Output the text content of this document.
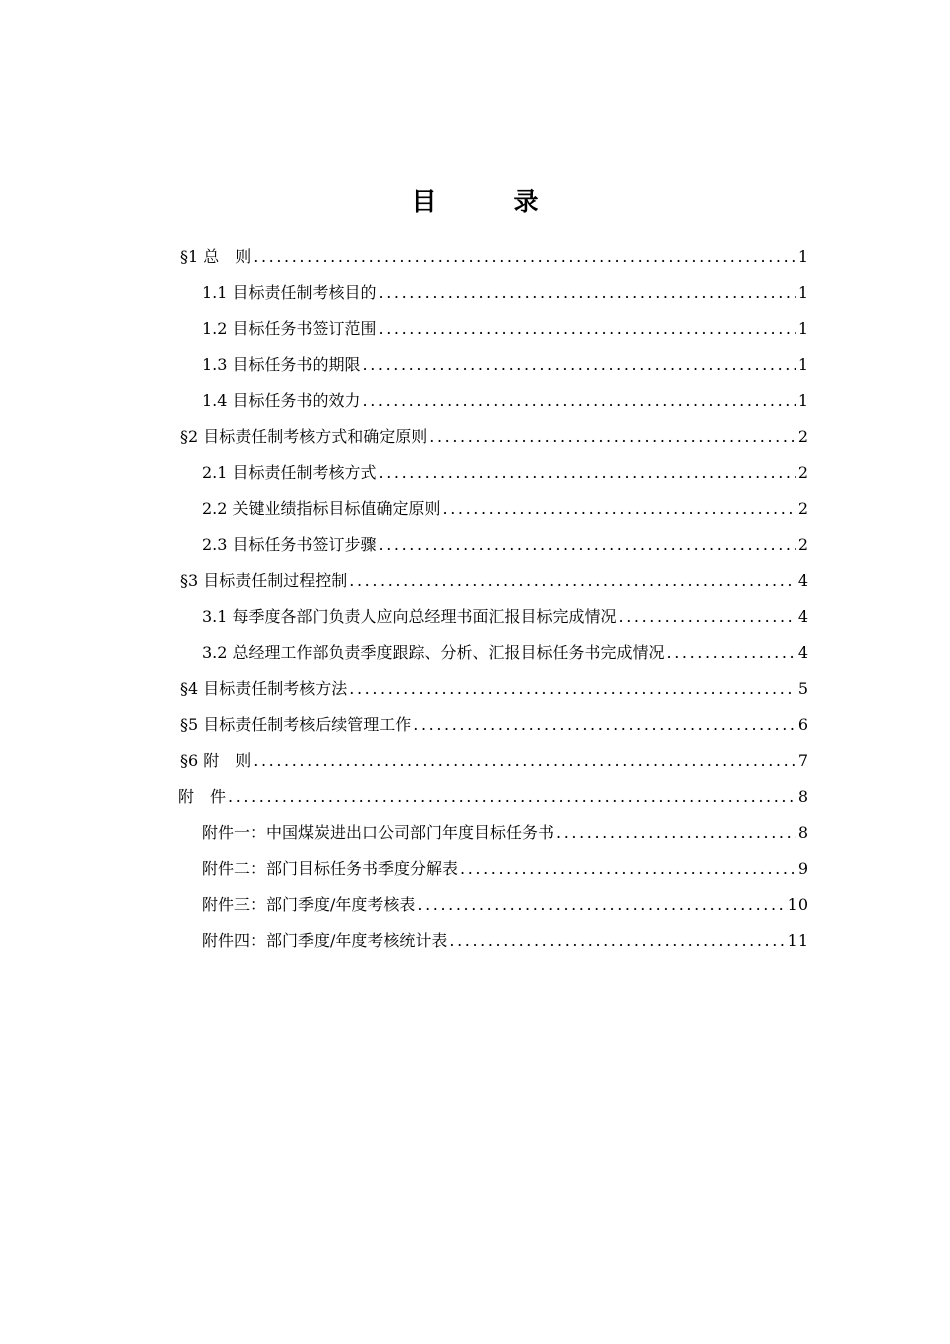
目　录
§1 总　则 .....	1
1.1 目标责任制考核目的 .....	1
1.2 目标任务书签订范围 .....	1
1.3 目标任务书的期限 .....	1
1.4 目标任务书的效力 .....	1
§2 目标责任制考核方式和确定原则 .....	2
2.1 目标责任制考核方式 .....	2
2.2 关键业绩指标目标值确定原则 .....	2
2.3 目标任务书签订步骤 .....	2
§3 目标责任制过程控制 .....	4
3.1 每季度各部门负责人应向总经理书面汇报目标完成情况 .....	4
3.2 总经理工作部负责季度跟踪、分析、汇报目标任务书完成情况 .....	4
§4 目标责任制考核方法 .....	5
§5 目标责任制考核后续管理工作 .....	6
§6 附　则 .....	7
附　件 .....	8
附件一：中国煤炭进出口公司部门年度目标任务书 .....	8
附件二：部门目标任务书季度分解表 .....	9
附件三：部门季度/年度考核表 .....	10
附件四：部门季度/年度考核统计表 .....	11
